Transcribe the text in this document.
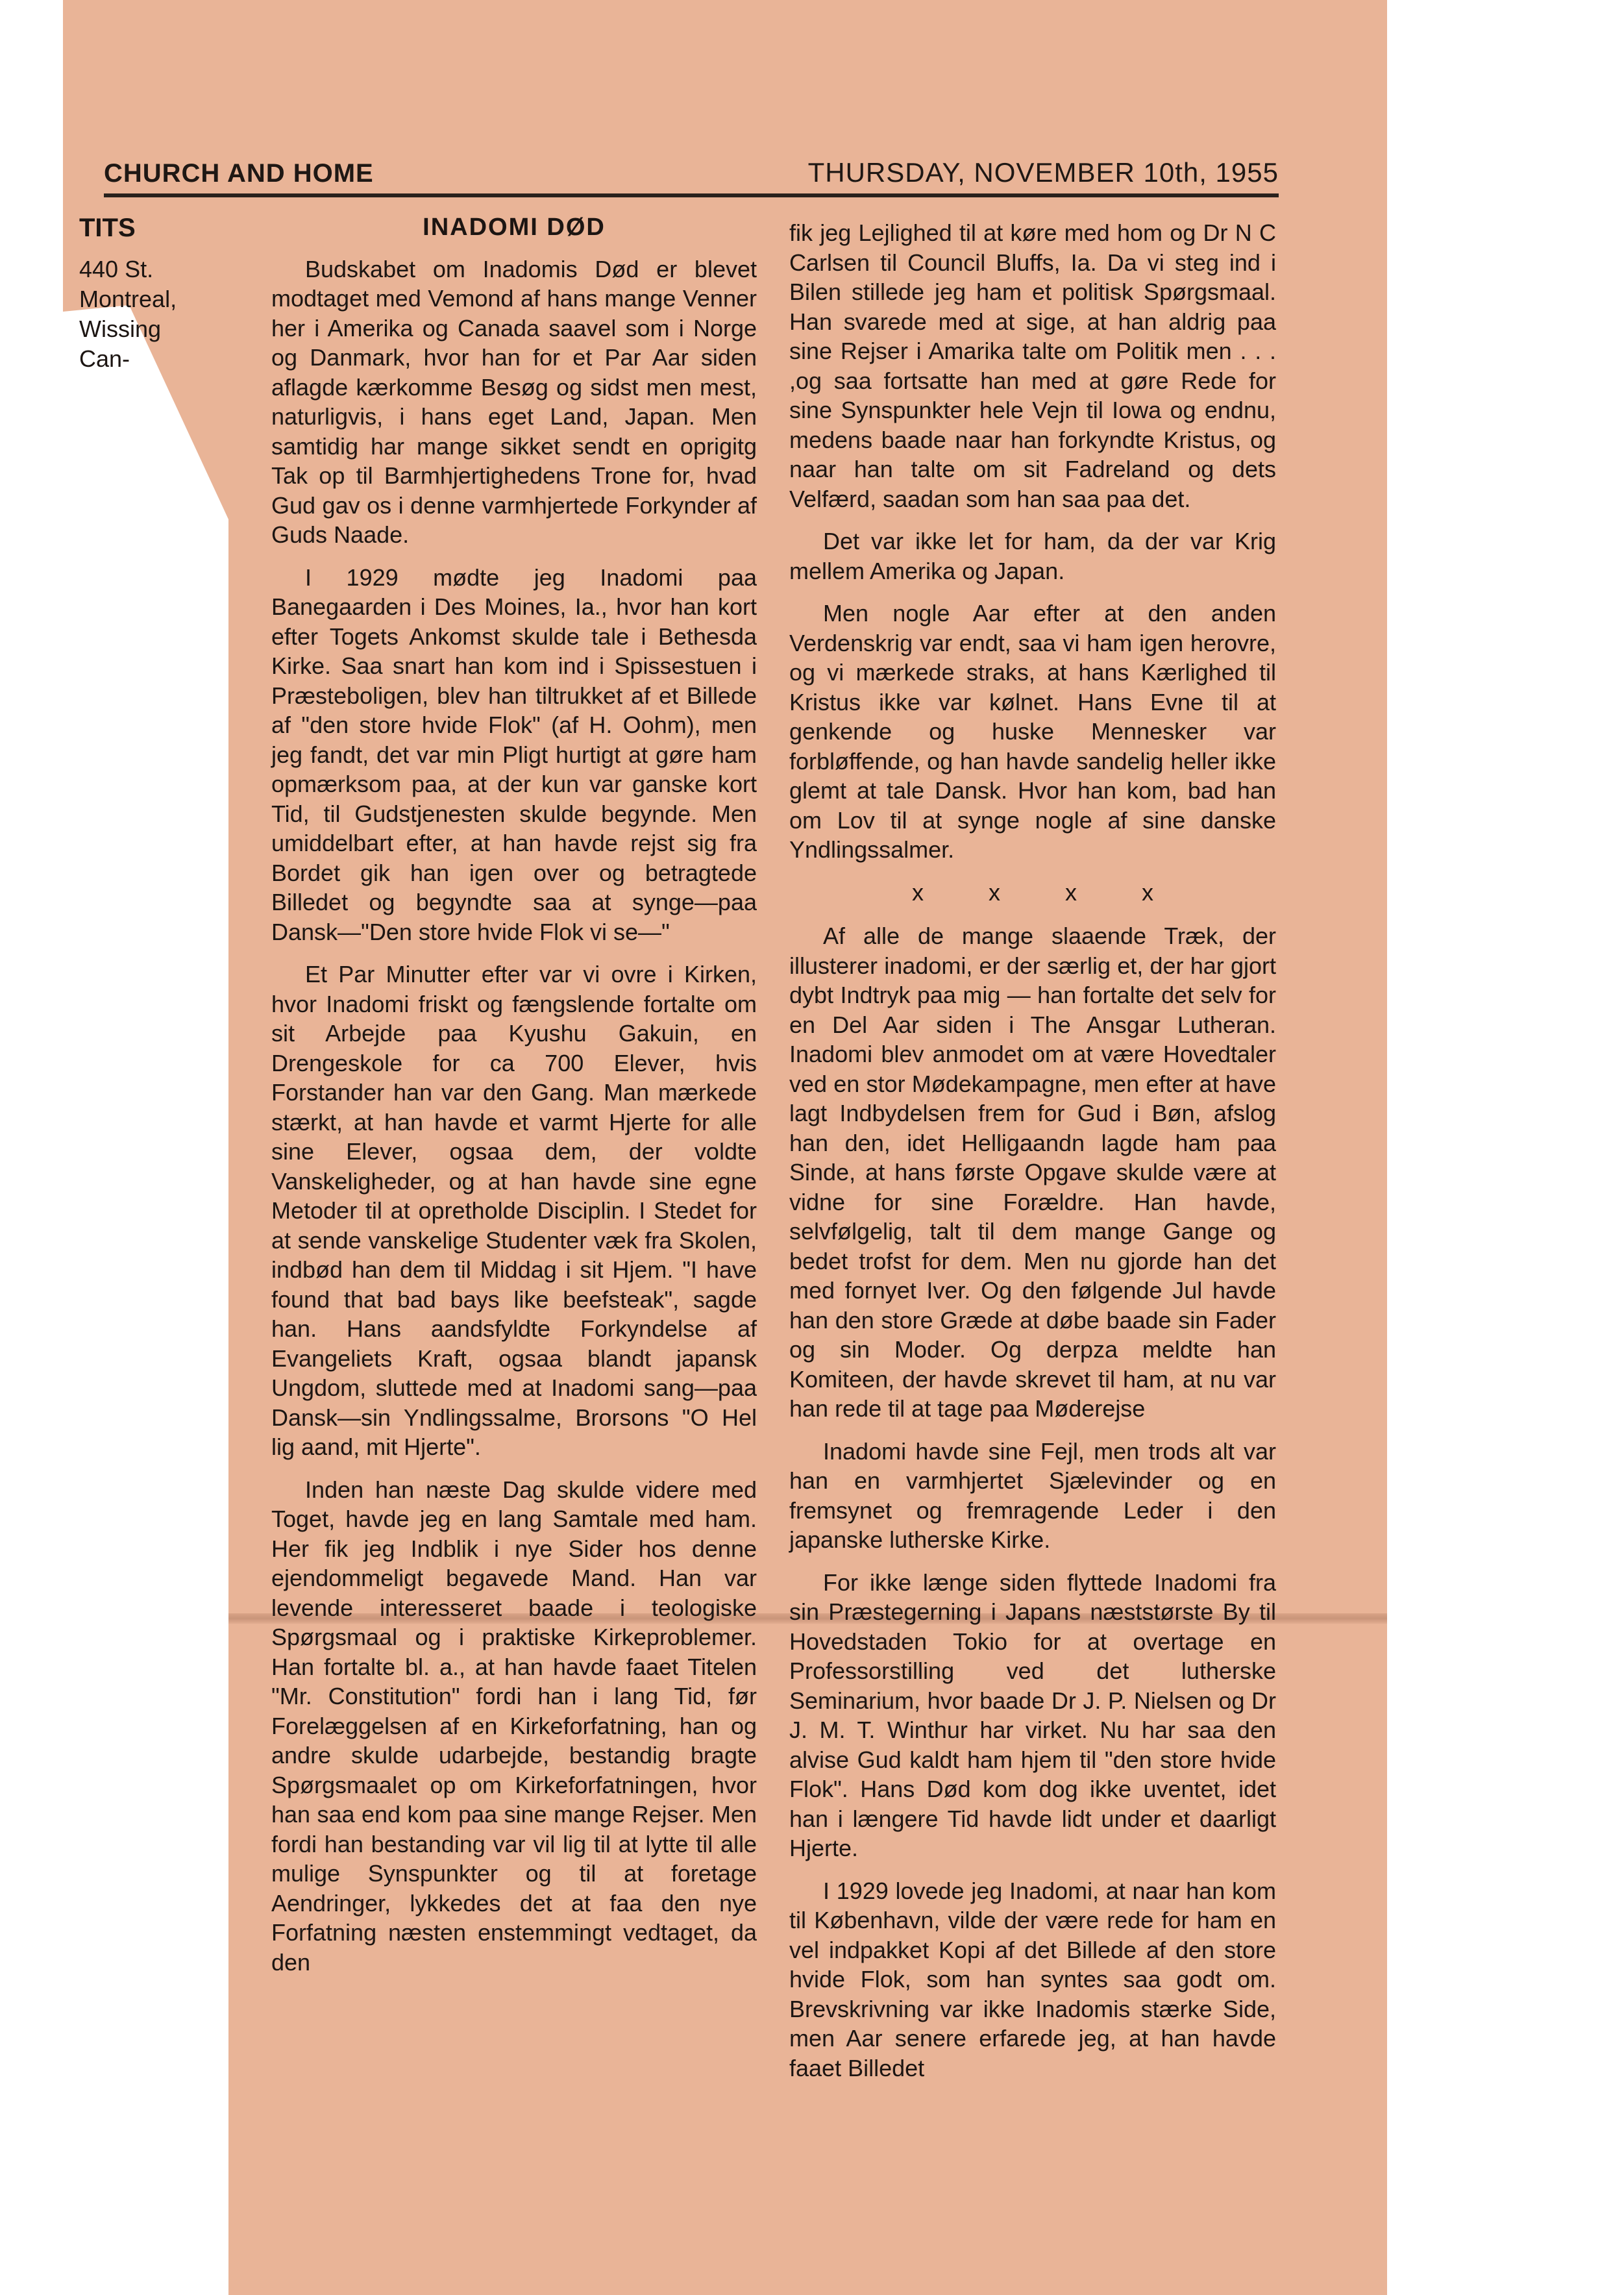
CHURCH AND HOME	THURSDAY, NOVEMBER 10th, 1955
TITS
440 St.
Montreal,
Wissing
Can-

INADOMI DØD

Budskabet om Inadomis Død er blevet modtaget med Vemond af hans mange Venner her i Amerika og Canada saavel som i Norge og Danmark, hvor han for et Par Aar siden aflagde kærkomme Besøg og sidst men mest, naturligvis, i hans eget Land, Japan. Men samtidig har mange sikket sendt en oprigitg Tak op til Barmhjertighedens Trone for, hvad Gud gav os i denne varmhjertede Forkynder af Guds Naade.

I 1929 mødte jeg Inadomi paa Banegaarden i Des Moines, Ia., hvor han kort efter Togets Ankomst skulde tale i Bethesda Kirke. Saa snart han kom ind i Spissestuen i Præsteboligen, blev han tiltrukket af et Billede af "den store hvide Flok" (af H. Oohm), men jeg fandt, det var min Pligt hurtigt at gøre ham opmærksom paa, at der kun var ganske kort Tid, til Gudstjenesten skulde begynde. Men umiddelbart efter, at han havde rejst sig fra Bordet gik han igen over og betragtede Billedet og begyndte saa at synge—paa Dansk—"Den store hvide Flok vi se—"

Et Par Minutter efter var vi ovre i Kirken, hvor Inadomi friskt og fængslende fortalte om sit Arbejde paa Kyushu Gakuin, en Drengeskole for ca 700 Elever, hvis Forstander han var den Gang. Man mærkede stærkt, at han havde et varmt Hjerte for alle sine Elever, ogsaa dem, der voldte Vanskeligheder, og at han havde sine egne Metoder til at opretholde Disciplin. I Stedet for at sende vanskelige Studenter væk fra Skolen, indbød han dem til Middag i sit Hjem. "I have found that bad bays like beefsteak", sagde han. Hans aandsfyldte Forkyndelse af Evangeliets Kraft, ogsaa blandt japansk Ungdom, sluttede med at Inadomi sang—paa Dansk—sin Yndlingssalme, Brorsons "O Hel lig aand, mit Hjerte".

Inden han næste Dag skulde videre med Toget, havde jeg en lang Samtale med ham. Her fik jeg Indblik i nye Sider hos denne ejendommeligt begavede Mand. Han var levende interesseret baade i teologiske Spørgsmaal og i praktiske Kirkeproblemer. Han fortalte bl. a., at han havde faaet Titelen "Mr. Constitution" fordi han i lang Tid, før Forelæggelsen af en Kirkeforfatning, han og andre skulde udarbejde, bestandig bragte Spørgsmaalet op om Kirkeforfatningen, hvor han saa end kom paa sine mange Rejser. Men fordi han bestanding var vil lig til at lytte til alle mulige Synspunkter og til at foretage Aendringer, lykkedes det at faa den nye Forfatning næsten enstemmingt vedtaget, da den

fik jeg Lejlighed til at køre med hom og Dr N C Carlsen til Council Bluffs, Ia. Da vi steg ind i Bilen stillede jeg ham et politisk Spørgsmaal. Han svarede med at sige, at han aldrig paa sine Rejser i Amarika talte om Politik men . . . ,og saa fortsatte han med at gøre Rede for sine Synspunkter hele Vejn til Iowa og endnu, medens baade naar han forkyndte Kristus, og naar han talte om sit Fadreland og dets Velfærd, saadan som han saa paa det.

Det var ikke let for ham, da der var Krig mellem Amerika og Japan.

Men nogle Aar efter at den anden Verdenskrig var endt, saa vi ham igen herovre, og vi mærkede straks, at hans Kærlighed til Kristus ikke var kølnet. Hans Evne til at genkende og huske Mennesker var forbløffende, og han havde sandelig heller ikke glemt at tale Dansk. Hvor han kom, bad han om Lov til at synge nogle af sine danske Yndlingssalmer.

x x x x

Af alle de mange slaaende Træk, der illusterer inadomi, er der særlig et, der har gjort dybt Indtryk paa mig — han fortalte det selv for en Del Aar siden i The Ansgar Lutheran. Inadomi blev anmodet om at være Hovedtaler ved en stor Mødekampagne, men efter at have lagt Indbydelsen frem for Gud i Bøn, afslog han den, idet Helligaandn lagde ham paa Sinde, at hans første Opgave skulde være at vidne for sine Forældre. Han havde, selvfølgelig, talt til dem mange Gange og bedet trofst for dem. Men nu gjorde han det med fornyet Iver. Og den følgende Jul havde han den store Græde at døbe baade sin Fader og sin Moder. Og derpza meldte han Komiteen, der havde skrevet til ham, at nu var han rede til at tage paa Møderejse

Inadomi havde sine Fejl, men trods alt var han en varmhjertet Sjælevinder og en fremsynet og fremragende Leder i den japanske lutherske Kirke.

For ikke længe siden flyttede Inadomi fra sin Præstegerning i Japans næststørste By til Hovedstaden Tokio for at overtage en Professorstilling ved det lutherske Seminarium, hvor baade Dr J. P. Nielsen og Dr J. M. T. Winthur har virket. Nu har saa den alvise Gud kaldt ham hjem til "den store hvide Flok". Hans Død kom dog ikke uventet, idet han i længere Tid havde lidt under et daarligt Hjerte.

I 1929 lovede jeg Inadomi, at naar han kom til København, vilde der være rede for ham en vel indpakket Kopi af det Billede af den store hvide Flok, som han syntes saa godt om. Brevskrivning var ikke Inadomis stærke Side, men Aar senere erfarede jeg, at han havde faaet Billedet
